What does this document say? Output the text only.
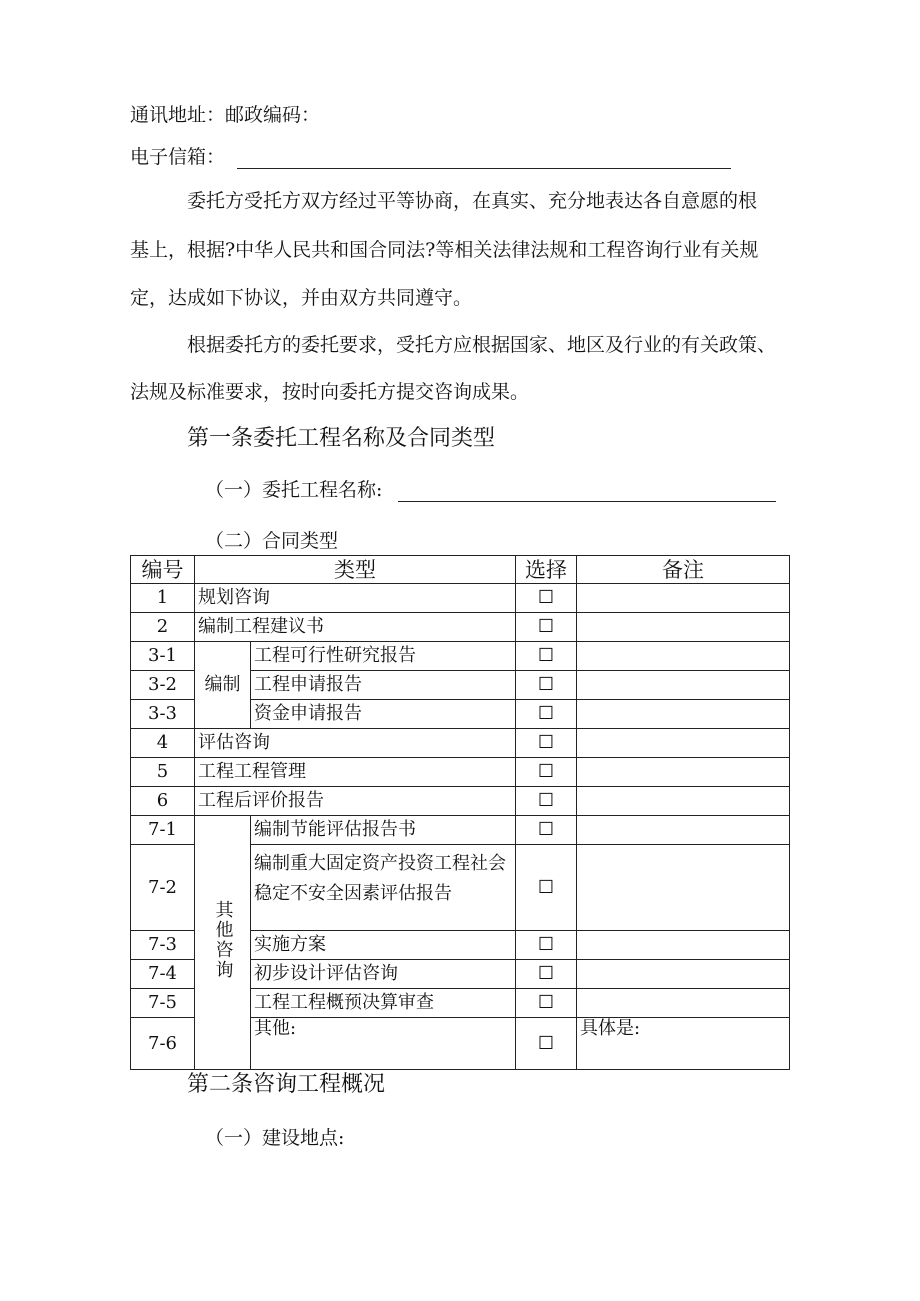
通讯地址：邮政编码：
电子信箱：
委托方受托方双方经过平等协商，在真实、充分地表达各自意愿的根
基上，根据?中华人民共和国合同法?等相关法律法规和工程咨询行业有关规
定，达成如下协议，并由双方共同遵守。
根据委托方的委托要求，受托方应根据国家、地区及行业的有关政策、
法规及标准要求，按时向委托方提交咨询成果。
第一条委托工程名称及合同类型
（一）委托工程名称:
（二）合同类型
编号	类型		选择	备注
1	规划咨询		☐	
2	编制工程建议书		☐	
3-1	编制	工程可行性研究报告	☐	
3-2		工程申请报告	☐	
3-3		资金申请报告	☐	
4	评估咨询		☐	
5	工程工程管理		☐	
6	工程后评价报告		☐	
7-1	其他咨询	编制节能评估报告书	☐	
7-2		编制重大固定资产投资工程社会稳定不安全因素评估报告	☐	
7-3		实施方案	☐	
7-4		初步设计评估咨询	☐	
7-5		工程工程概预决算审查	☐	
7-6		其他:	☐	具体是:
第二条咨询工程概况
（一）建设地点:
